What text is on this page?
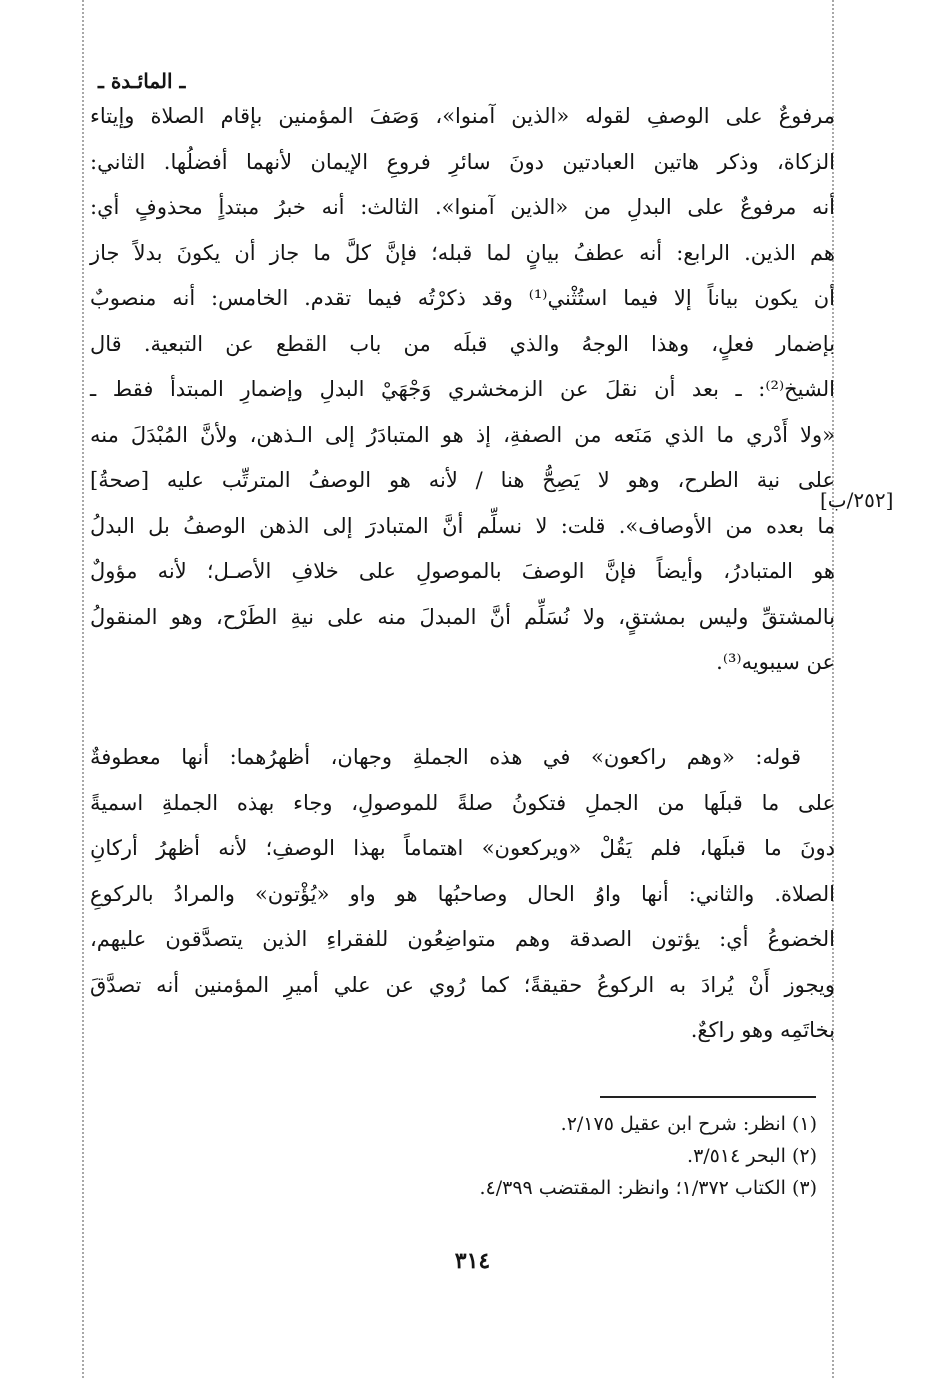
ـ المائـدة ـ
مرفوعٌ على الوصفِ لقوله «الذين آمنوا»، وَصَفَ المؤمنين بإقام الصلاة وإيتاء
الزكاة، وذكر هاتين العبادتين دونَ سائرِ فروعِ الإيمان لأنهما أفضلُها. الثاني:
أنه مرفوعٌ على البدلِ من «الذين آمنوا». الثالث: أنه خبرُ مبتدأٍ محذوفٍ أي:
هم الذين. الرابع: أنه عطفُ بيانٍ لما قبله؛ فإنَّ كلَّ ما جاز أن يكونَ بدلاً جاز
أن يكون بياناً إلا فيما استُثْني⁽¹⁾ وقد ذكرْتُه فيما تقدم. الخامس: أنه منصوبٌ
بإضمار فعلٍ، وهذا الوجهُ والذي قبلَه من باب القطع عن التبعية. قال
الشيخ⁽²⁾: ـ بعد أن نقلَ عن الزمخشري وَجْهَيْ البدلِ وإضمارِ المبتدأ فقط ـ
«ولا أَدْري ما الذي مَنَعه من الصفةِ، إذ هو المتبادَرُ إلى الـذهن، ولأنَّ المُبْدَلَ منه
على نية الطرح، وهو لا يَصِحُّ هنا / لأنه هو الوصفُ المترتِّب عليه [صحةُ]
ما بعده من الأوصاف». قلت: لا نسلِّم أنَّ المتبادرَ إلى الذهن الوصفُ بل البدلُ
هو المتبادرُ، وأيضاً فإنَّ الوصفَ بالموصولِ على خلافِ الأصـل؛ لأنه مؤولٌ
بالمشتقِّ وليس بمشتقٍ، ولا نُسَلِّم أنَّ المبدلَ منه على نيةِ الطَرْح، وهو المنقولُ
عن سيبويه⁽³⁾.
[٢٥٢/ب]
قوله: «وهم راكعون» في هذه الجملةِ وجهان، أظهرُهما: أنها معطوفةٌ
على ما قبلَها من الجملِ فتكونُ صلةً للموصولِ، وجاء بهذه الجملةِ اسميةً
دونَ ما قبلَها، فلم يَقُلْ «ويركعون» اهتماماً بهذا الوصفِ؛ لأنه أظهرُ أركانِ
الصلاة. والثاني: أنها واوُ الحال وصاحبُها هو واو «يُؤْتون» والمرادُ بالركوعِ
الخضوعُ أي: يؤتون الصدقة وهم متواضِعُون للفقراءِ الذين يتصدَّقون عليهم،
ويجوز أَنْ يُرادَ به الركوعُ حقيقةً؛ كما رُوي عن علي أميرِ المؤمنين أنه تصدَّقَ
بخاتَمِه وهو راكعٌ.
(١) انظر: شرح ابن عقيل ٢/١٧٥.
(٢) البحر ٣/٥١٤.
(٣) الكتاب ١/٣٧٢؛ وانظر: المقتضب ٤/٣٩٩.
٣١٤
